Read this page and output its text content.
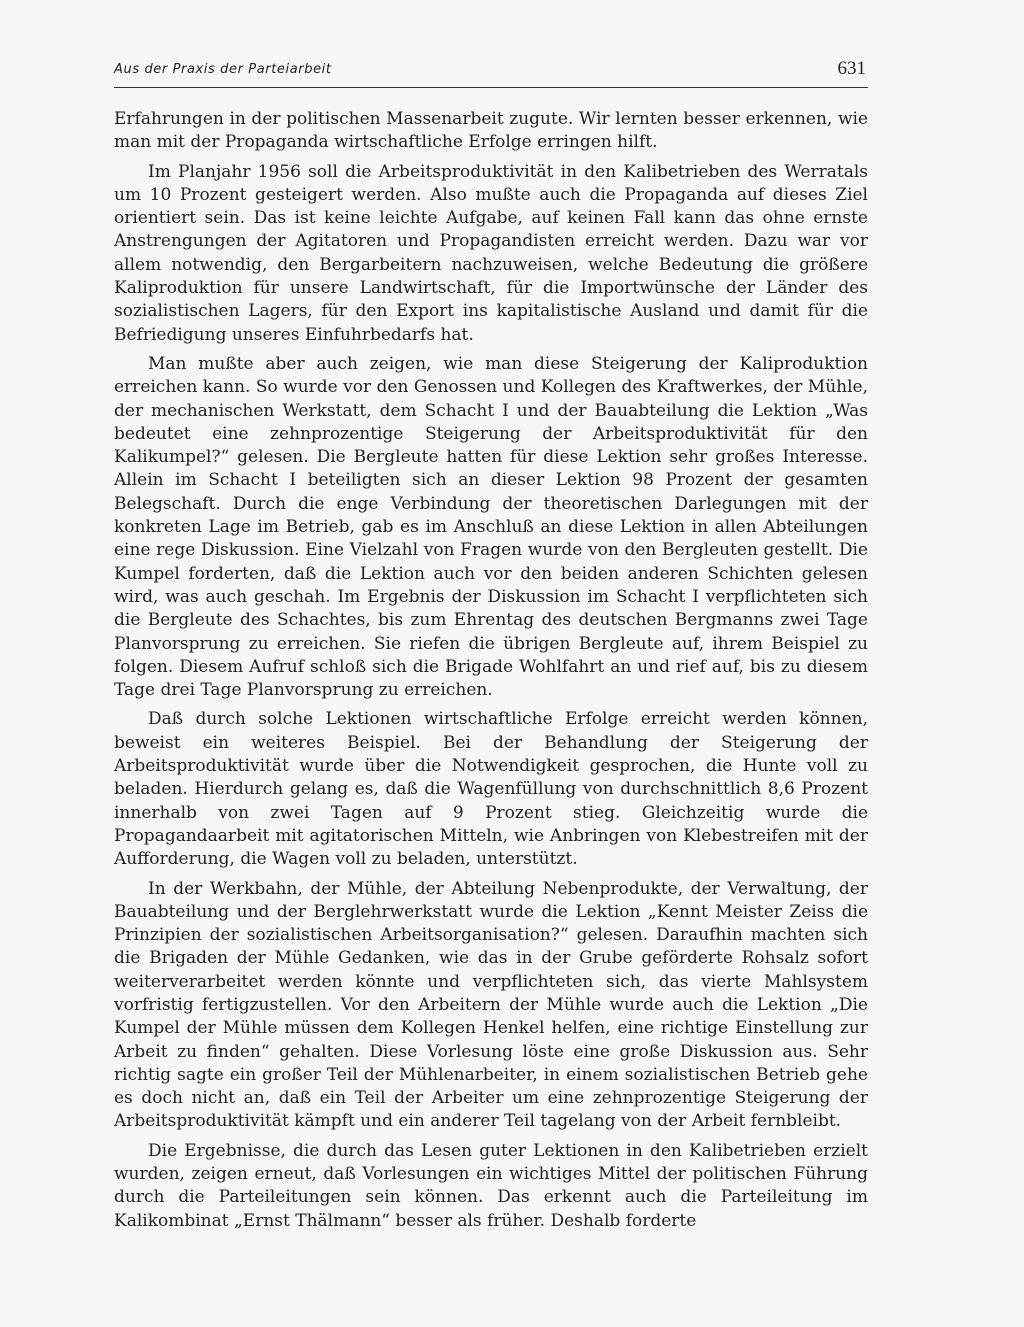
Aus der Praxis der Parteiarbeit	631

Erfahrungen in der politischen Massenarbeit zugute. Wir lernten besser erkennen, wie man mit der Propaganda wirtschaftliche Erfolge erringen hilft.

Im Planjahr 1956 soll die Arbeitsproduktivität in den Kalibetrieben des Werratals um 10 Prozent gesteigert werden. Also mußte auch die Propaganda auf dieses Ziel orientiert sein. Das ist keine leichte Aufgabe, auf keinen Fall kann das ohne ernste Anstrengungen der Agitatoren und Propagandisten erreicht werden. Dazu war vor allem notwendig, den Bergarbeitern nachzuweisen, welche Bedeutung die größere Kaliproduktion für unsere Landwirtschaft, für die Importwünsche der Länder des sozialistischen Lagers, für den Export ins kapitalistische Ausland und damit für die Befriedigung unseres Einfuhrbedarfs hat.

Man mußte aber auch zeigen, wie man diese Steigerung der Kaliproduktion erreichen kann. So wurde vor den Genossen und Kollegen des Kraftwerkes, der Mühle, der mechanischen Werkstatt, dem Schacht I und der Bauabteilung die Lektion „Was bedeutet eine zehnprozentige Steigerung der Arbeitsproduktivität für den Kalikumpel?“ gelesen. Die Bergleute hatten für diese Lektion sehr großes Interesse. Allein im Schacht I beteiligten sich an dieser Lektion 98 Prozent der gesamten Belegschaft. Durch die enge Verbindung der theoretischen Darlegungen mit der konkreten Lage im Betrieb, gab es im Anschluß an diese Lektion in allen Abteilungen eine rege Diskussion. Eine Vielzahl von Fragen wurde von den Bergleuten gestellt. Die Kumpel forderten, daß die Lektion auch vor den beiden anderen Schichten gelesen wird, was auch geschah. Im Ergebnis der Diskussion im Schacht I verpflichteten sich die Bergleute des Schachtes, bis zum Ehrentag des deutschen Bergmanns zwei Tage Planvorsprung zu erreichen. Sie riefen die übrigen Bergleute auf, ihrem Beispiel zu folgen. Diesem Aufruf schloß sich die Brigade Wohlfahrt an und rief auf, bis zu diesem Tage drei Tage Planvorsprung zu erreichen.

Daß durch solche Lektionen wirtschaftliche Erfolge erreicht werden können, beweist ein weiteres Beispiel. Bei der Behandlung der Steigerung der Arbeitsproduktivität wurde über die Notwendigkeit gesprochen, die Hunte voll zu beladen. Hierdurch gelang es, daß die Wagenfüllung von durchschnittlich 8,6 Prozent innerhalb von zwei Tagen auf 9 Prozent stieg. Gleichzeitig wurde die Propagandaarbeit mit agitatorischen Mitteln, wie Anbringen von Klebestreifen mit der Aufforderung, die Wagen voll zu beladen, unterstützt.

In der Werkbahn, der Mühle, der Abteilung Nebenprodukte, der Verwaltung, der Bauabteilung und der Berglehrwerkstatt wurde die Lektion „Kennt Meister Zeiss die Prinzipien der sozialistischen Arbeitsorganisation?“ gelesen. Daraufhin machten sich die Brigaden der Mühle Gedanken, wie das in der Grube geförderte Rohsalz sofort weiterverarbeitet werden könnte und verpflichteten sich, das vierte Mahlsystem vorfristig fertigzustellen. Vor den Arbeitern der Mühle wurde auch die Lektion „Die Kumpel der Mühle müssen dem Kollegen Henkel helfen, eine richtige Einstellung zur Arbeit zu finden“ gehalten. Diese Vorlesung löste eine große Diskussion aus. Sehr richtig sagte ein großer Teil der Mühlenarbeiter, in einem sozialistischen Betrieb gehe es doch nicht an, daß ein Teil der Arbeiter um eine zehnprozentige Steigerung der Arbeitsproduktivität kämpft und ein anderer Teil tagelang von der Arbeit fernbleibt.

Die Ergebnisse, die durch das Lesen guter Lektionen in den Kalibetrieben erzielt wurden, zeigen erneut, daß Vorlesungen ein wichtiges Mittel der politischen Führung durch die Parteileitungen sein können. Das erkennt auch die Parteileitung im Kalikombinat „Ernst Thälmann“ besser als früher. Deshalb forderte
